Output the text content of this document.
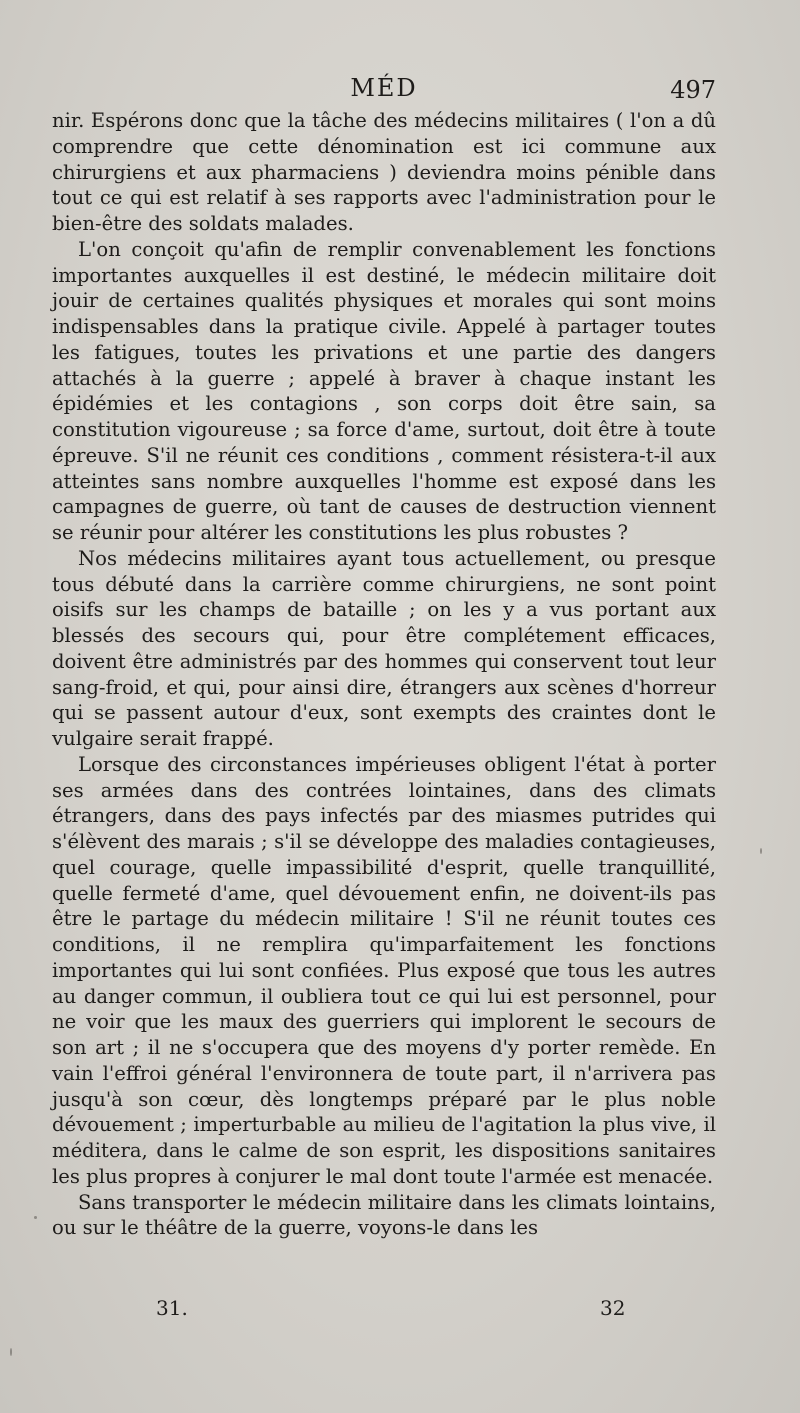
MÉD	497

nir. Espérons donc que la tâche des médecins militaires ( l'on a dû comprendre que cette dénomination est ici commune aux chirurgiens et aux pharmaciens ) deviendra moins pénible dans tout ce qui est relatif à ses rapports avec l'administration pour le bien-être des soldats malades.

L'on conçoit qu'afin de remplir convenablement les fonctions importantes auxquelles il est destiné, le médecin militaire doit jouir de certaines qualités physiques et morales qui sont moins indispensables dans la pratique civile. Appelé à partager toutes les fatigues, toutes les privations et une partie des dangers attachés à la guerre ; appelé à braver à chaque instant les épidémies et les contagions , son corps doit être sain, sa constitution vigoureuse ; sa force d'ame, surtout, doit être à toute épreuve. S'il ne réunit ces conditions , comment résistera-t-il aux atteintes sans nombre auxquelles l'homme est exposé dans les campagnes de guerre, où tant de causes de destruction viennent se réunir pour altérer les constitutions les plus robustes ?

Nos médecins militaires ayant tous actuellement, ou presque tous débuté dans la carrière comme chirurgiens, ne sont point oisifs sur les champs de bataille ; on les y a vus portant aux blessés des secours qui, pour être complétement efficaces, doivent être administrés par des hommes qui conservent tout leur sang-froid, et qui, pour ainsi dire, étrangers aux scènes d'horreur qui se passent autour d'eux, sont exempts des craintes dont le vulgaire serait frappé.

Lorsque des circonstances impérieuses obligent l'état à porter ses armées dans des contrées lointaines, dans des climats étrangers, dans des pays infectés par des miasmes putrides qui s'élèvent des marais ; s'il se développe des maladies contagieuses, quel courage, quelle impassibilité d'esprit, quelle tranquillité, quelle fermeté d'ame, quel dévouement enfin, ne doivent-ils pas être le partage du médecin militaire ! S'il ne réunit toutes ces conditions, il ne remplira qu'imparfaitement les fonctions importantes qui lui sont confiées. Plus exposé que tous les autres au danger commun, il oubliera tout ce qui lui est personnel, pour ne voir que les maux des guerriers qui implorent le secours de son art ; il ne s'occupera que des moyens d'y porter remède. En vain l'effroi général l'environnera de toute part, il n'arrivera pas jusqu'à son cœur, dès longtemps préparé par le plus noble dévouement ; imperturbable au milieu de l'agitation la plus vive, il méditera, dans le calme de son esprit, les dispositions sanitaires les plus propres à conjurer le mal dont toute l'armée est menacée.

Sans transporter le médecin militaire dans les climats lointains, ou sur le théâtre de la guerre, voyons-le dans les

31.	32
